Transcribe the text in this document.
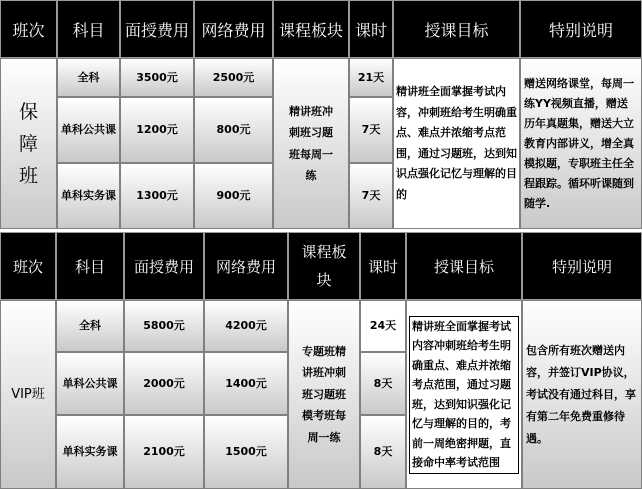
班次	科目	面授费用	网络费用	课程板块	课时	授课目标	特别说明

保障班	全科	3500元	2500元	精讲班冲刺班习题班每周一练	21天	精讲班全面掌握考试内容，冲刺班给考生明确重点、难点并浓缩考点范围，通过习题班，达到知识点强化记忆与理解的目的	赠送网络课堂，每周一练YY视频直播，赠送历年真题集，赠送大立教育内部讲义，增全真模拟题，专职班主任全程跟踪。循环听课随到随学.

	单科公共课	1200元	800元		7天		

	单科实务课	1300元	900元		7天		
班次	科目	面授费用	网络费用	课程板块	课时	授课目标	特别说明
VIP班	全科	5800元	4200元	专题班精讲班冲刺班习题班模考班每周一练	24天	精讲班全面掌握考试内容冲刺班给考生明确重点、难点并浓缩考点范围，通过习题班，达到知识强化记忆与理解的目的，考前一周绝密押题，直接命中率考试范围	包含所有班次赠送内容，并签订VIP协议，考试没有通过科目，享有第二年免费重修待遇。

	单科公共课	2000元	1400元		8天		
	单科实务课	2100元	1500元		8天		
